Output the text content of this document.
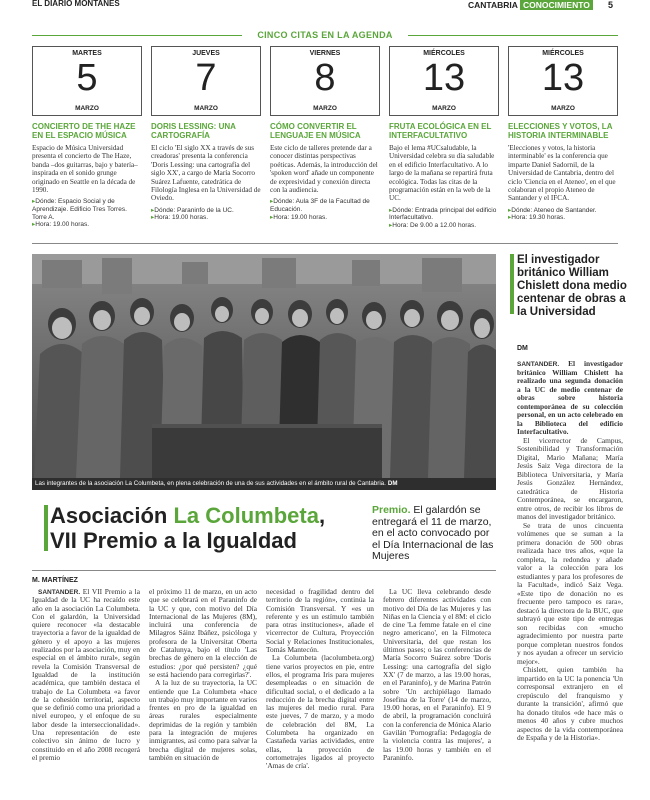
EL DIARIO MONTAÑÉS	CANTABRIA CONOCIMIENTO	5
CINCO CITAS EN LA AGENDA
MARTES
5
MARZO
CONCIERTO DE THE HAZE EN EL ESPACIO MÚSICA
Espacio de Música Universidad presenta el concierto de The Haze, banda –dos guitarras, bajo y batería– inspirada en el sonido grunge originado en Seattle en la década de 1990.
▸Dónde: Espacio Social y de Aprendizaje. Edificio Tres Torres. Torre A.
▸Hora: 19.00 horas.
JUEVES
7
MARZO
DORIS LESSING: UNA CARTOGRAFÍA
El ciclo 'El siglo XX a través de sus creadoras' presenta la conferencia 'Doris Lessing: una cartografía del siglo XX', a cargo de María Socorro Suárez Lafuente, catedrática de Filología Inglesa en la Universidad de Oviedo.
▸Dónde: Paraninfo de la UC.
▸Hora: 19.00 horas.
VIERNES
8
MARZO
CÓMO CONVERTIR EL LENGUAJE EN MÚSICA
Este ciclo de talleres pretende dar a conocer distintas perspectivas poéticas. Además, la introducción del 'spoken word' añade un componente de expresividad y conexión directa con la audiencia.
▸Dónde: Aula 3F de la Facultad de Educación.
▸Hora: 19.00 horas.
MIÉRCOLES
13
MARZO
FRUTA ECOLÓGICA EN EL INTERFACULTATIVO
Bajo el lema #UCsaludable, la Universidad celebra su día saludable en el edificio Interfacultativo. A lo largo de la mañana se repartirá fruta ecológica. Todas las citas de la programación están en la web de la UC.
▸Dónde: Entrada principal del edificio Interfacultativo.
▸Hora: De 9.00 a 12.00 horas.
MIÉRCOLES
13
MARZO
ELECCIONES Y VOTOS, LA HISTORIA INTERMINABLE
'Elecciones y votos, la historia interminable' es la conferencia que imparte Daniel Sadornil, de la Universidad de Cantabria, dentro del ciclo 'Ciencia en el Ateneo', en el que colaboran el propio Ateneo de Santander y el IFCA.
▸Dónde: Ateneo de Santander.
▸Hora: 19.30 horas.
Las integrantes de la asociación La Columbeta, en plena celebración de una de sus actividades en el ámbito rural de Cantabria. DM
Asociación La Columbeta,
VII Premio a la Igualdad
Premio. El galardón se entregará el 11 de marzo, en el acto convocado por el Día Internacional de las Mujeres
M. MARTÍNEZ

SANTANDER. El VII Premio a la Igualdad de la UC ha recaído este año en la asociación La Columbeta. Con el galardón, la Universidad quiere reconocer «la destacable trayectoria a favor de la igualdad de género y el apoyo a las mujeres realizados por la asociación, muy en especial en el ámbito rural», según revela la Comisión Transversal de Igualdad de la institución académica, que también destaca el trabajo de La Columbeta «a favor de la cohesión territorial, aspecto que se definió como una prioridad a nivel europeo, y el enfoque de su labor desde la interseccionalidad». Una representación de este colectivo sin ánimo de lucro y constituido en el año 2008 recogerá el premio

el próximo 11 de marzo, en un acto que se celebrará en el Paraninfo de la UC y que, con motivo del Día Internacional de las Mujeres (8M), incluirá una conferencia de Milagros Sáinz Ibáñez, psicóloga y profesora de la Universitat Oberta de Catalunya, bajo el título 'Las brechas de género en la elección de estudios: ¿por qué persisten? ¿qué se está haciendo para corregirlas?'.

A la luz de su trayectoria, la UC entiende que La Columbeta «hace un trabajo muy importante en varios frentes en pro de la igualdad en áreas rurales especialmente deprimidas de la región y también para la integración de mujeres inmigrantes, así como para salvar la brecha digital de mujeres solas, también en situación de

necesidad o fragilidad dentro del territorio de la región», continúa la Comisión Transversal. Y «es un referente y es un estímulo también para otras instituciones», añade el vicerrector de Cultura, Proyección Social y Relaciones Institucionales, Tomás Mantecón.

La Columbeta (lacolumbeta.org) tiene varios proyectos en pie, entre ellos, el programa Iris para mujeres desempleadas o en situación de dificultad social, o el dedicado a la reducción de la brecha digital entre las mujeres del medio rural. Para este jueves, 7 de marzo, y a modo de celebración del 8M, La Columbeta ha organizado en Castañeda varias actividades, entre ellas, la proyección de cortometrajes ligados al proyecto 'Amas de cría'.

La UC lleva celebrando desde febrero diferentes actividades con motivo del Día de las Mujeres y las Niñas en la Ciencia y el 8M: el ciclo de cine 'La femme fatale en el cine negro americano', en la Filmoteca Universitaria, del que restan los últimos pases; o las conferencias de María Socorro Suárez sobre 'Doris Lessing: una cartografía del siglo XX' (7 de marzo, a las 19.00 horas, en el Paraninfo), y de Marina Patrón sobre 'Un archipiélago llamado Josefina de la Torre' (14 de marzo, 19.00 horas, en el Paraninfo). El 9 de abril, la programación concluirá con la conferencia de Mónica Alario Gavilán 'Pornografía: Pedagogía de la violencia contra las mujeres', a las 19.00 horas y también en el Paraninfo.

El investigador británico William Chislett dona medio centenar de obras a la Universidad
DM

SANTANDER. El investigador británico William Chislett ha realizado una segunda donación a la UC de medio centenar de obras sobre historia contemporánea de su colección personal, en un acto celebrado en la Biblioteca del edificio Interfacultativo.

El vicerrector de Campus, Sostenibilidad y Transformación Digital, Mario Mañana; María Jesús Saiz Vega directora de la Biblioteca Universitaria, y María Jesús González Hernández, catedrática de Historia Contemporánea, se encargaron, entre otros, de recibir los libros de manos del investigador británico.

Se trata de unos cincuenta volúmenes que se suman a la primera donación de 500 obras realizada hace tres años, «que la completa, la redondea y añade valor a la colección para los estudiantes y para los profesores de la Facultad», indicó Saiz Vega. «Este tipo de donación no es frecuente pero tampoco es rara», destacó la directora de la BUC, que subrayó que este tipo de entregas son recibidas con «mucho agradecimiento por nuestra parte porque completan nuestros fondos y nos ayudan a ofrecer un servicio mejor».

Chislett, quien también ha impartido en la UC la ponencia 'Un corresponsal extranjero en el crepúsculo del franquismo y durante la transición', afirmó que ha donado títulos «de hace más o menos 40 años y cubre muchos aspectos de la vida contemporánea de España y de la Historia».
